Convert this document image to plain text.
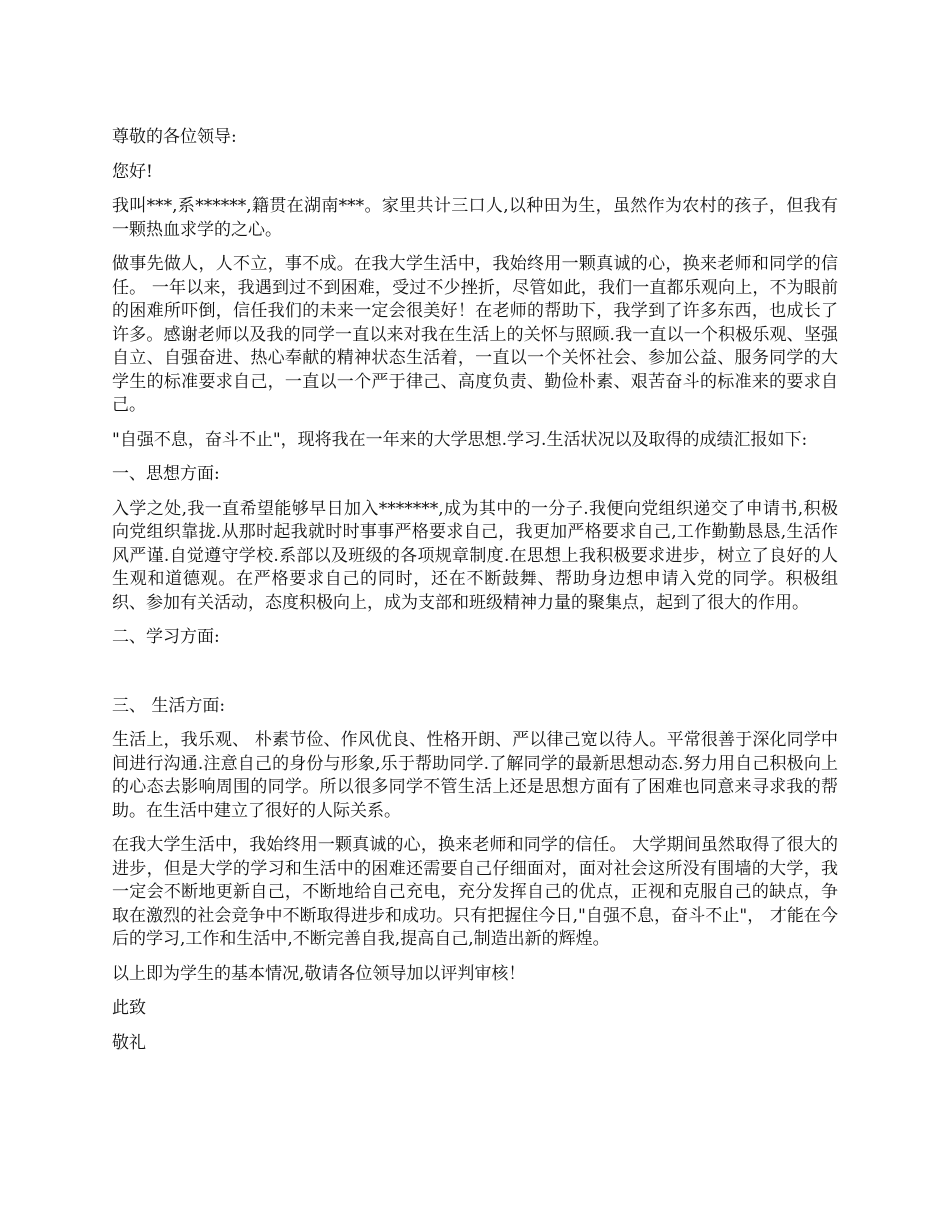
尊敬的各位领导:

您好!

我叫***,系******,籍贯在湖南***。家里共计三口人,以种田为生，虽然作为农村的孩子，但我有一颗热血求学的之心。

做事先做人，人不立，事不成。在我大学生活中，我始终用一颗真诚的心，换来老师和同学的信任。 一年以来，我遇到过不到困难，受过不少挫折，尽管如此，我们一直都乐观向上，不为眼前的困难所吓倒，信任我们的未来一定会很美好！在老师的帮助下，我学到了许多东西，也成长了许多。感谢老师以及我的同学一直以来对我在生活上的关怀与照顾.我一直以一个积极乐观、坚强自立、自强奋进、热心奉献的精神状态生活着，一直以一个关怀社会、参加公益、服务同学的大学生的标准要求自己，一直以一个严于律己、高度负责、勤俭朴素、艰苦奋斗的标准来的要求自己。

"自强不息，奋斗不止"，现将我在一年来的大学思想.学习.生活状况以及取得的成绩汇报如下:

一、思想方面:

入学之处,我一直希望能够早日加入*******,成为其中的一分子.我便向党组织递交了申请书,积极向党组织靠拢.从那时起我就时时事事严格要求自己，我更加严格要求自己,工作勤勤恳恳,生活作风严谨.自觉遵守学校.系部以及班级的各项规章制度.在思想上我积极要求进步，树立了良好的人生观和道德观。在严格要求自己的同时，还在不断鼓舞、帮助身边想申请入党的同学。积极组织、参加有关活动，态度积极向上，成为支部和班级精神力量的聚集点，起到了很大的作用。

二、学习方面:

三、 生活方面:

生活上，我乐观、 朴素节俭、作风优良、性格开朗、严以律己宽以待人。平常很善于深化同学中间进行沟通.注意自己的身份与形象,乐于帮助同学.了解同学的最新思想动态.努力用自己积极向上的心态去影响周围的同学。所以很多同学不管生活上还是思想方面有了困难也同意来寻求我的帮助。在生活中建立了很好的人际关系。

在我大学生活中，我始终用一颗真诚的心，换来老师和同学的信任。 大学期间虽然取得了很大的进步，但是大学的学习和生活中的困难还需要自己仔细面对，面对社会这所没有围墙的大学，我一定会不断地更新自己，不断地给自己充电，充分发挥自己的优点，正视和克服自己的缺点，争取在激烈的社会竞争中不断取得进步和成功。只有把握住今日,"自强不息，奋斗不止"， 才能在今后的学习,工作和生活中,不断完善自我,提高自己,制造出新的辉煌。

以上即为学生的基本情况,敬请各位领导加以评判审核！

此致

敬礼
